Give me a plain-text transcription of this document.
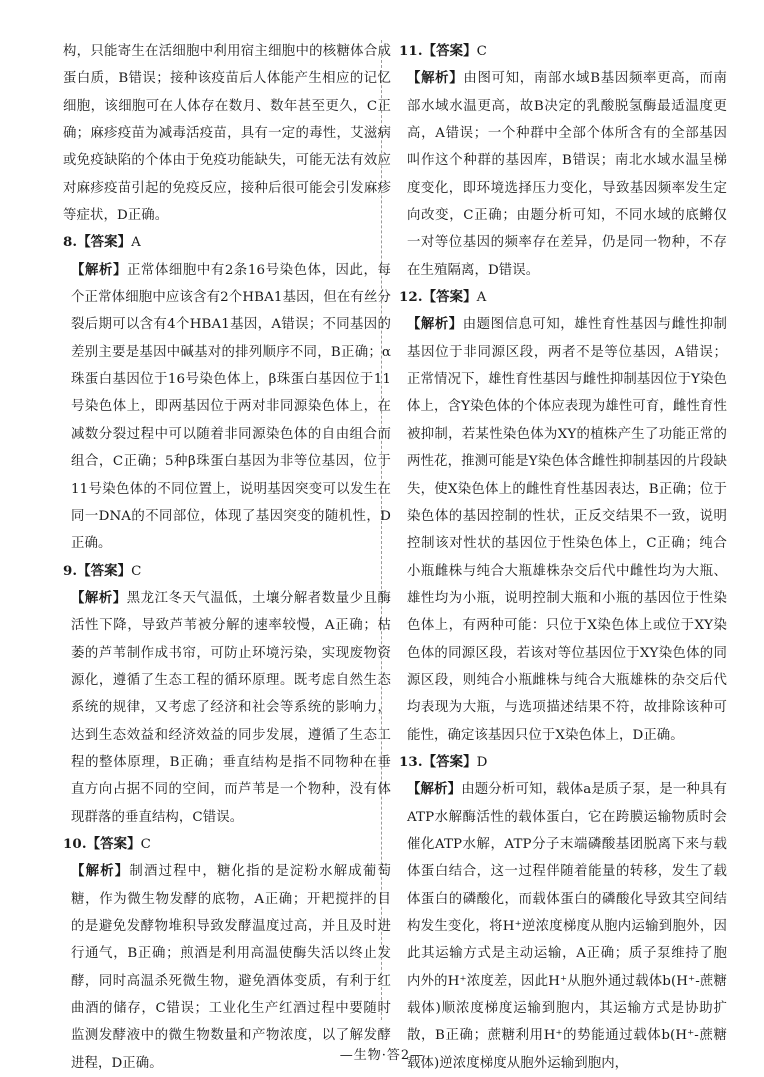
构，只能寄生在活细胞中利用宿主细胞中的核糖体合成蛋白质，B错误；接种该疫苗后人体能产生相应的记忆细胞，该细胞可在人体存在数月、数年甚至更久，C正确；麻疹疫苗为减毒活疫苗，具有一定的毒性，艾滋病或免疫缺陷的个体由于免疫功能缺失，可能无法有效应对麻疹疫苗引起的免疫反应，接种后很可能会引发麻疹等症状，D正确。

8.【答案】A
【解析】正常体细胞中有2条16号染色体，因此，每个正常体细胞中应该含有2个HBA1基因，但在有丝分裂后期可以含有4个HBA1基因，A错误；不同基因的差别主要是基因中碱基对的排列顺序不同，B正确；α珠蛋白基因位于16号染色体上，β珠蛋白基因位于11号染色体上，即两基因位于两对非同源染色体上，在减数分裂过程中可以随着非同源染色体的自由组合而组合，C正确；5种β珠蛋白基因为非等位基因，位于11号染色体的不同位置上，说明基因突变可以发生在同一DNA的不同部位，体现了基因突变的随机性，D正确。
9.【答案】C
【解析】黑龙江冬天气温低，土壤分解者数量少且酶活性下降，导致芦苇被分解的速率较慢，A正确；枯萎的芦苇制作成书帘，可防止环境污染，实现废物资源化，遵循了生态工程的循环原理。既考虑自然生态系统的规律，又考虑了经济和社会等系统的影响力，达到生态效益和经济效益的同步发展，遵循了生态工程的整体原理，B正确；垂直结构是指不同物种在垂直方向占据不同的空间，而芦苇是一个物种，没有体现群落的垂直结构，C错误。
10.【答案】C
【解析】制酒过程中，糖化指的是淀粉水解成葡萄糖，作为微生物发酵的底物，A正确；开耙搅拌的目的是避免发酵物堆积导致发酵温度过高，并且及时进行通气，B正确；煎酒是利用高温使酶失活以终止发酵，同时高温杀死微生物，避免酒体变质，有利于红曲酒的储存，C错误；工业化生产红酒过程中要随时监测发酵液中的微生物数量和产物浓度，以了解发酵进程，D正确。
11.【答案】C
【解析】由图可知，南部水域B基因频率更高，而南部水域水温更高，故B决定的乳酸脱氢酶最适温度更高，A错误；一个种群中全部个体所含有的全部基因叫作这个种群的基因库，B错误；南北水域水温呈梯度变化，即环境选择压力变化，导致基因频率发生定向改变，C正确；由题分析可知，不同水域的底鳉仅一对等位基因的频率存在差异，仍是同一物种，不存在生殖隔离，D错误。
12.【答案】A
【解析】由题图信息可知，雄性育性基因与雌性抑制基因位于非同源区段，两者不是等位基因，A错误；正常情况下，雄性育性基因与雌性抑制基因位于Y染色体上，含Y染色体的个体应表现为雄性可育，雌性育性被抑制，若某性染色体为XY的植株产生了功能正常的两性花，推测可能是Y染色体含雌性抑制基因的片段缺失，使X染色体上的雌性育性基因表达，B正确；位于染色体的基因控制的性状，正反交结果不一致，说明控制该对性状的基因位于性染色体上，C正确；纯合小瓶雌株与纯合大瓶雄株杂交后代中雌性均为大瓶、雄性均为小瓶，说明控制大瓶和小瓶的基因位于性染色体上，有两种可能：只位于X染色体上或位于XY染色体的同源区段，若该对等位基因位于XY染色体的同源区段，则纯合小瓶雌株与纯合大瓶雄株的杂交后代均表现为大瓶，与选项描述结果不符，故排除该种可能性，确定该基因只位于X染色体上，D正确。
13.【答案】D
【解析】由题分析可知，载体a是质子泵，是一种具有ATP水解酶活性的载体蛋白，它在跨膜运输物质时会催化ATP水解，ATP分子末端磷酸基团脱离下来与载体蛋白结合，这一过程伴随着能量的转移，发生了载体蛋白的磷酸化，而载体蛋白的磷酸化导致其空间结构发生变化，将H⁺逆浓度梯度从胞内运输到胞外，因此其运输方式是主动运输，A正确；质子泵维持了胞内外的H⁺浓度差，因此H⁺从胞外通过载体b(H⁺-蔗糖载体)顺浓度梯度运输到胞内，其运输方式是协助扩散，B正确；蔗糖利用H⁺的势能通过载体b(H⁺-蔗糖载体)逆浓度梯度从胞外运输到胞内，
—生物·答2—
